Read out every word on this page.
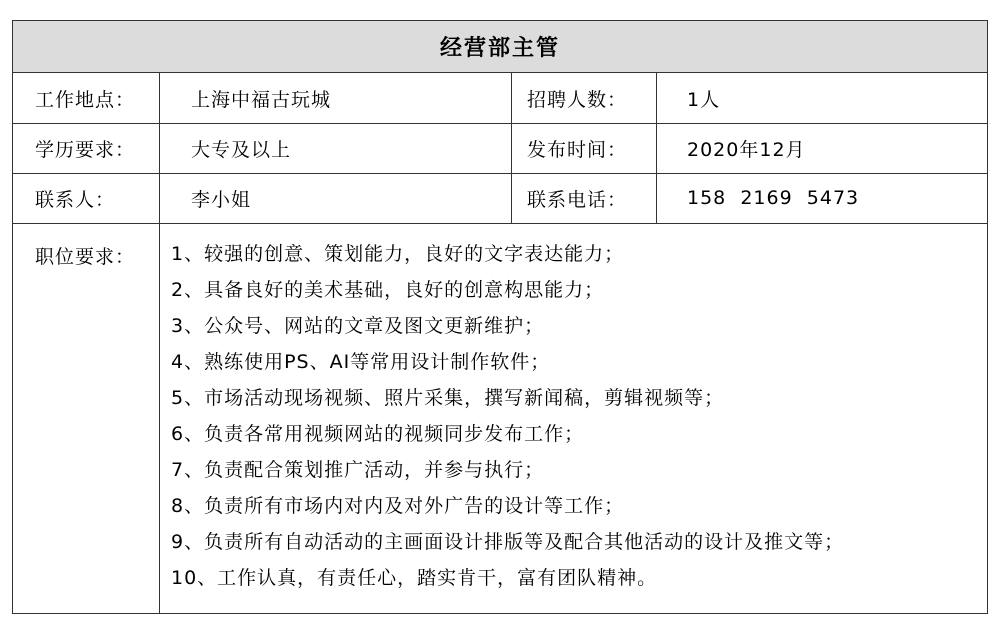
经营部主管
工作地点：	上海中福古玩城	招聘人数：	1人
学历要求：	大专及以上	发布时间：	2020年12月
联系人：	李小姐	联系电话：	158  2169  5473
职位要求： 1、较强的创意、策划能力，良好的文字表达能力；
2、具备良好的美术基础，良好的创意构思能力；
3、公众号、网站的文章及图文更新维护；
4、熟练使用PS、AI等常用设计制作软件；
5、市场活动现场视频、照片采集，撰写新闻稿，剪辑视频等；
6、负责各常用视频网站的视频同步发布工作；
7、负责配合策划推广活动，并参与执行；
8、负责所有市场内对内及对外广告的设计等工作；
9、负责所有自动活动的主画面设计排版等及配合其他活动的设计及推文等；
10、工作认真，有责任心，踏实肯干，富有团队精神。
